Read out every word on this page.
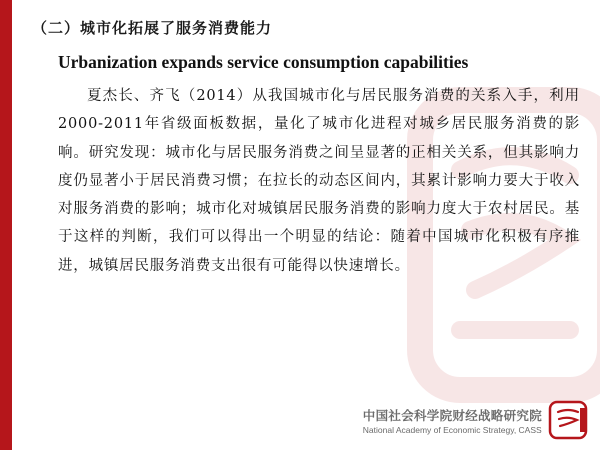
（二）城市化拓展了服务消费能力
Urbanization expands service consumption capabilities

夏杰长、齐飞（2014）从我国城市化与居民服务消费的关系入手，利用2000-2011年省级面板数据，量化了城市化进程对城乡居民服务消费的影响。研究发现：城市化与居民服务消费之间呈显著的正相关关系，但其影响力度仍显著小于居民消费习惯；在拉长的动态区间内，其累计影响力要大于收入对服务消费的影响；城市化对城镇居民服务消费的影响力度大于农村居民。基于这样的判断，我们可以得出一个明显的结论：随着中国城市化积极有序推进，城镇居民服务消费支出很有可能得以快速增长。

中国社会科学院财经战略研究院
National Academy of Economic Strategy, CASS
